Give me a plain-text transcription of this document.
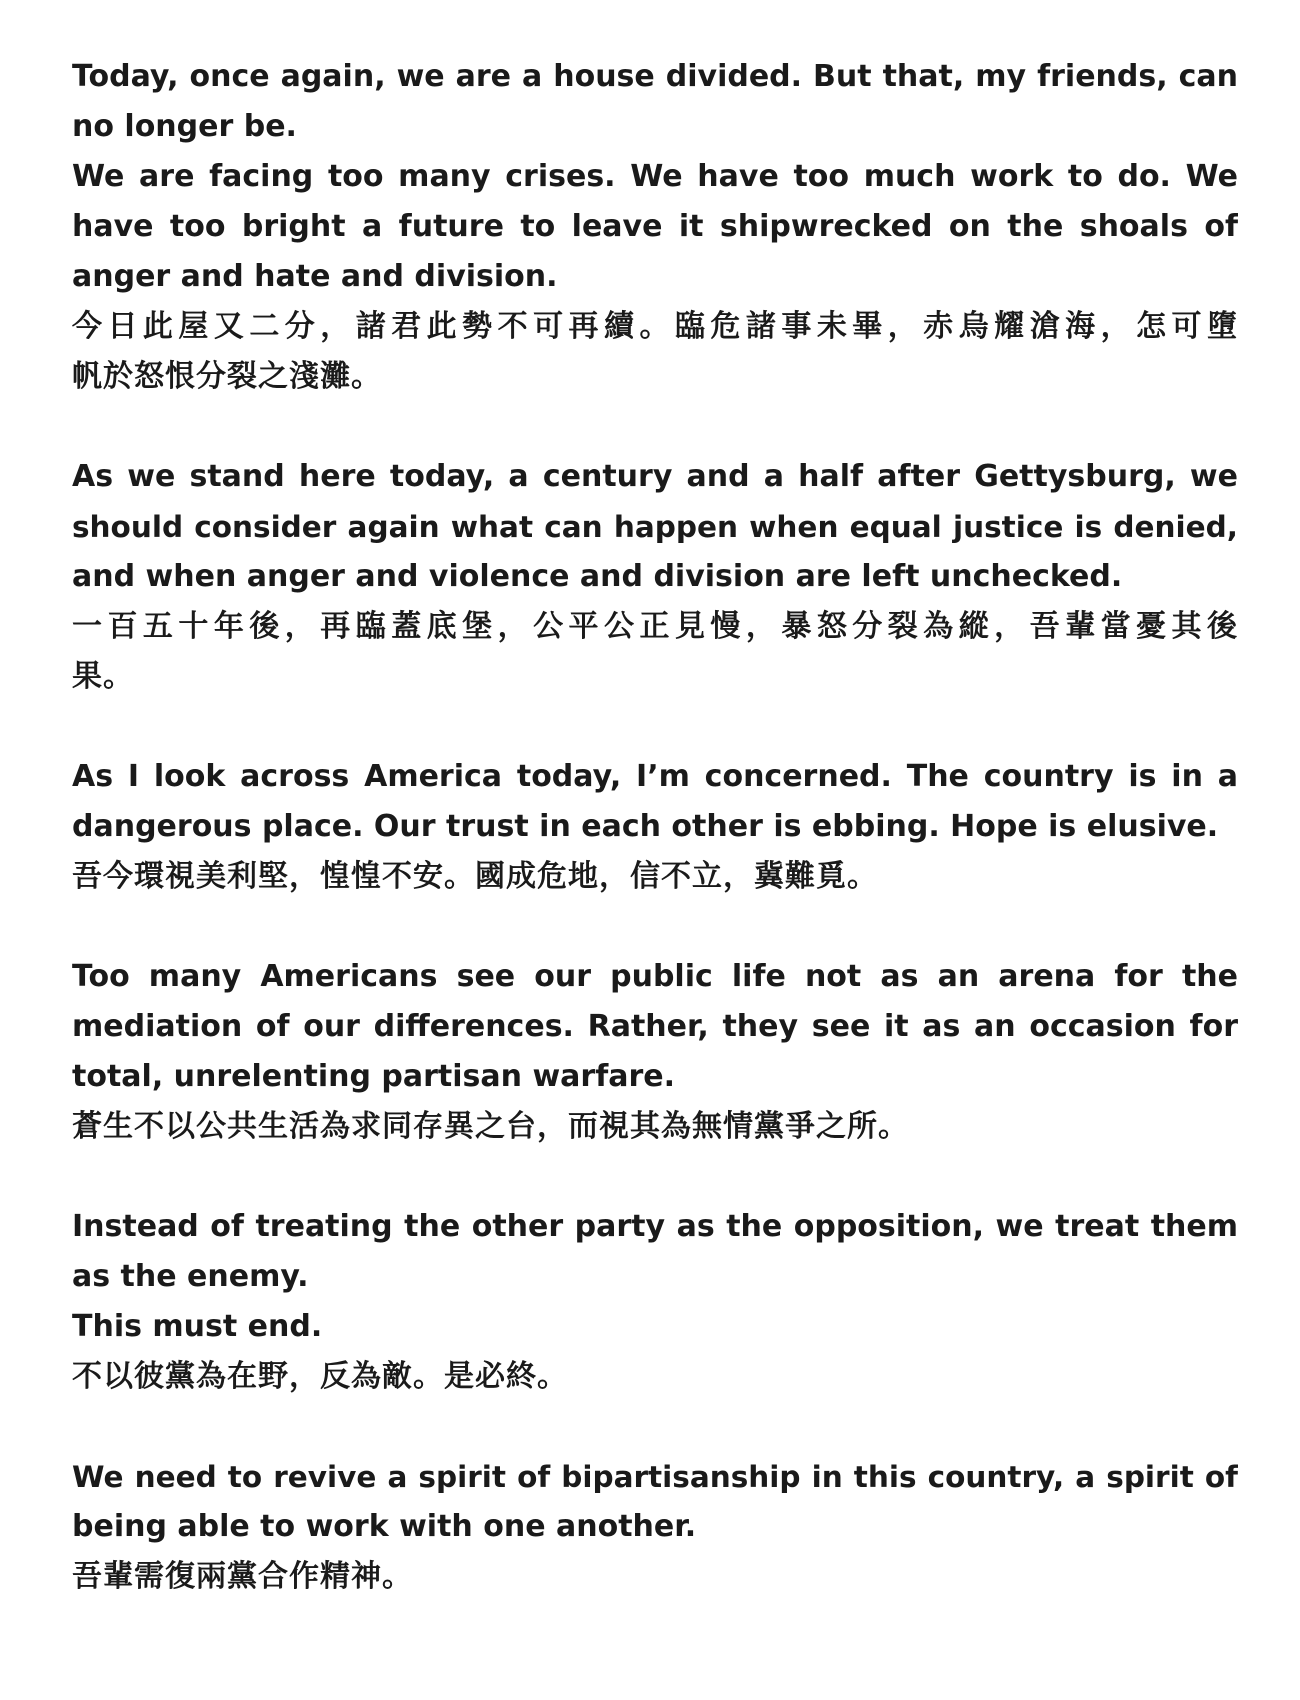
Today, once again, we are a house divided. But that, my friends, can
no longer be.
We are facing too many crises. We have too much work to do. We
have too bright a future to leave it shipwrecked on the shoals of
anger and hate and division.
今日此屋又二分，諸君此勢不可再續。臨危諸事未畢，赤烏耀滄海，怎可墮
帆於怒恨分裂之淺灘。
As we stand here today, a century and a half after Gettysburg, we
should consider again what can happen when equal justice is denied,
and when anger and violence and division are left unchecked.
一百五十年後，再臨蓋底堡，公平公正見慢，暴怒分裂為縱，吾輩當憂其後
果。
As I look across America today, I’m concerned. The country is in a
dangerous place. Our trust in each other is ebbing. Hope is elusive.
吾今環視美利堅，惶惶不安。國成危地，信不立，冀難覓。
Too many Americans see our public life not as an arena for the
mediation of our differences. Rather, they see it as an occasion for
total, unrelenting partisan warfare.
蒼生不以公共生活為求同存異之台，而視其為無情黨爭之所。
Instead of treating the other party as the opposition, we treat them
as the enemy.
This must end.
不以彼黨為在野，反為敵。是必終。
We need to revive a spirit of bipartisanship in this country, a spirit of
being able to work with one another.
吾輩需復兩黨合作精神。
